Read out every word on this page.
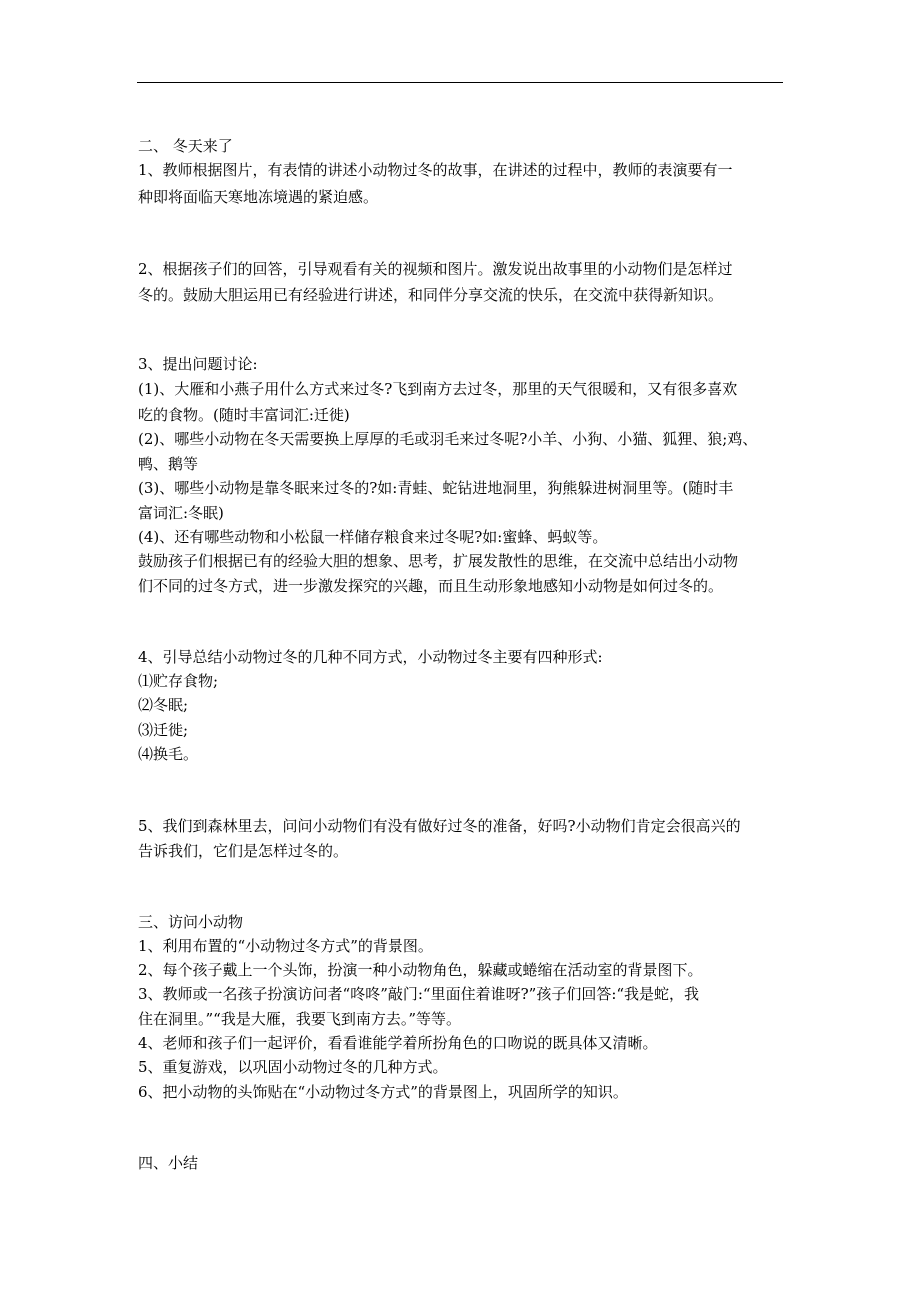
二、 冬天来了
1、教师根据图片，有表情的讲述小动物过冬的故事，在讲述的过程中，教师的表演要有一
种即将面临天寒地冻境遇的紧迫感。
2、根据孩子们的回答，引导观看有关的视频和图片。激发说出故事里的小动物们是怎样过
冬的。鼓励大胆运用已有经验进行讲述，和同伴分享交流的快乐，在交流中获得新知识。
3、提出问题讨论:
(1)、大雁和小燕子用什么方式来过冬?飞到南方去过冬，那里的天气很暖和，又有很多喜欢
吃的食物。(随时丰富词汇:迁徙)
(2)、哪些小动物在冬天需要换上厚厚的毛或羽毛来过冬呢?小羊、小狗、小猫、狐狸、狼;鸡、
鸭、鹅等
(3)、哪些小动物是靠冬眠来过冬的?如:青蛙、蛇钻进地洞里，狗熊躲进树洞里等。(随时丰
富词汇:冬眠)
(4)、还有哪些动物和小松鼠一样储存粮食来过冬呢?如:蜜蜂、蚂蚁等。
鼓励孩子们根据已有的经验大胆的想象、思考，扩展发散性的思维，在交流中总结出小动物
们不同的过冬方式，进一步激发探究的兴趣，而且生动形象地感知小动物是如何过冬的。
4、引导总结小动物过冬的几种不同方式，小动物过冬主要有四种形式:
⑴贮存食物;
⑵冬眠;
⑶迁徙;
⑷换毛。
5、我们到森林里去，问问小动物们有没有做好过冬的准备，好吗?小动物们肯定会很高兴的
告诉我们，它们是怎样过冬的。
三、访问小动物
1、利用布置的“小动物过冬方式”的背景图。
2、每个孩子戴上一个头饰，扮演一种小动物角色，躲藏或蜷缩在活动室的背景图下。
3、教师或一名孩子扮演访问者“咚咚”敲门:“里面住着谁呀?”孩子们回答:“我是蛇，我
住在洞里。”“我是大雁，我要飞到南方去。”等等。
4、老师和孩子们一起评价，看看谁能学着所扮角色的口吻说的既具体又清晰。
5、重复游戏，以巩固小动物过冬的几种方式。
6、把小动物的头饰贴在“小动物过冬方式”的背景图上，巩固所学的知识。
四、小结
